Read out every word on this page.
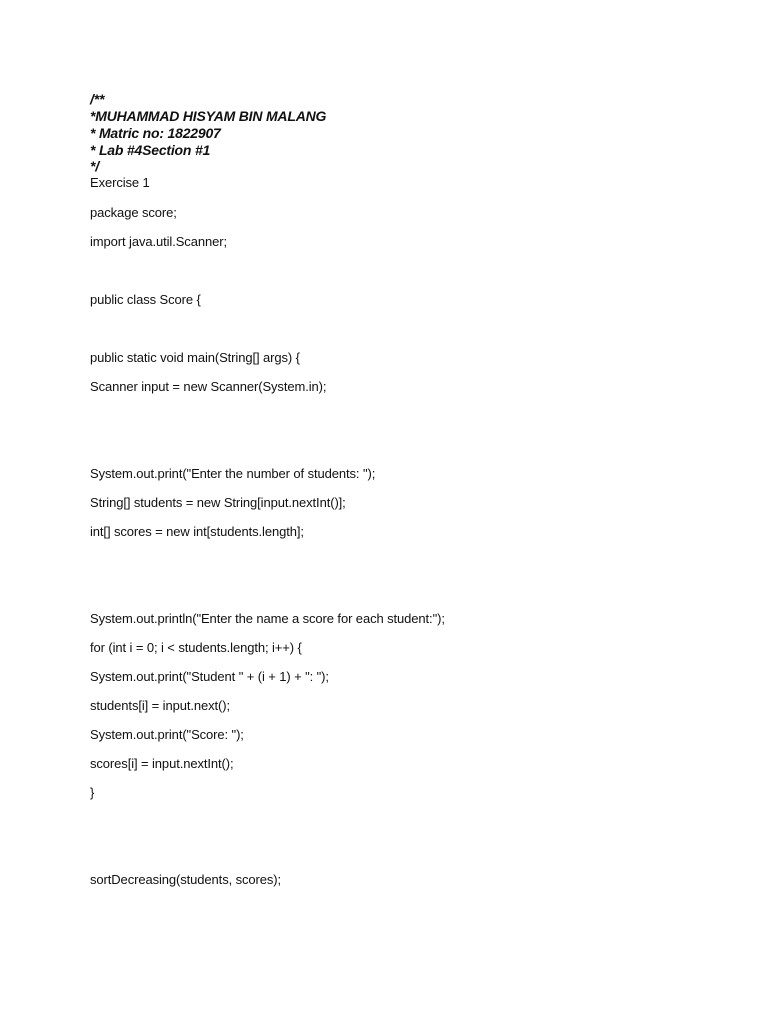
/**
*MUHAMMAD HISYAM BIN MALANG
* Matric no: 1822907
* Lab #4Section #1
*/
Exercise 1
package score;
import java.util.Scanner;
public class Score {
public static void main(String[] args) {
Scanner input = new Scanner(System.in);
System.out.print("Enter the number of students: ");
String[] students = new String[input.nextInt()];
int[] scores = new int[students.length];
System.out.println("Enter the name a score for each student:");
for (int i = 0; i < students.length; i++) {
System.out.print("Student " + (i + 1) + ": ");
students[i] = input.next();
System.out.print("Score: ");
scores[i] = input.nextInt();
}
sortDecreasing(students, scores);
